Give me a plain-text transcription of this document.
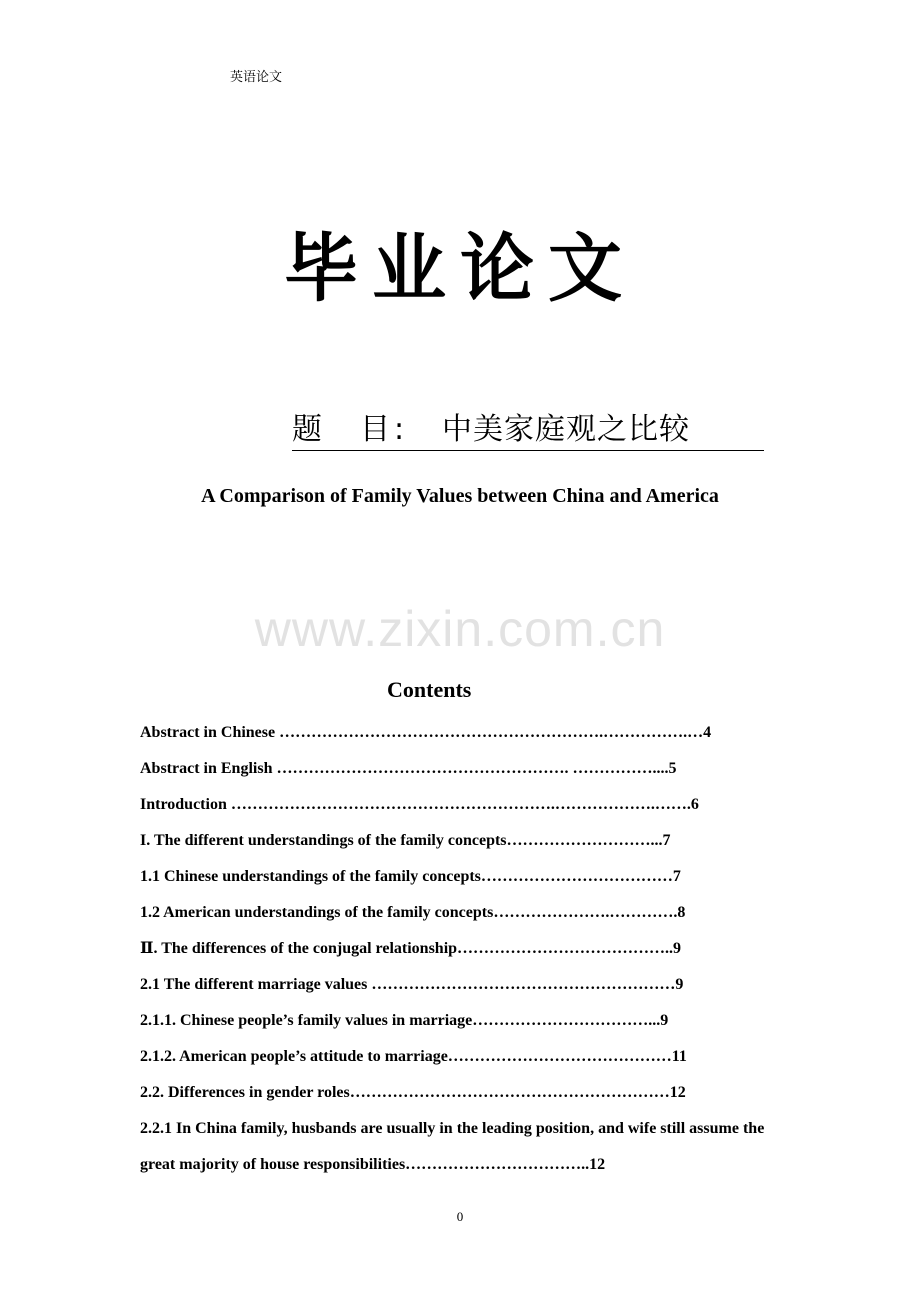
英语论文
毕业论文
题　目: 中美家庭观之比较
A Comparison of Family Values between China and America
www.zixin.com.cn
Contents
Abstract in Chinese …………………………………………………….…………….…4
Abstract in English ………………………………………………. ……………....5
Introduction …………………………………………………….……………….…….6
I. The different understandings of the family concepts………………………...7
1.1 Chinese understandings of the family concepts………………………………7
1.2 American understandings of the family concepts………………….………….8
Ⅱ. The differences of the conjugal relationship…………………………………..9
2.1 The different marriage values …………………………………………………9
2.1.1. Chinese people’s family values in marriage……………………………...9
2.1.2. American people’s attitude to marriage……………………………………11
2.2. Differences in gender roles……………………………………………………12
2.2.1 In China family, husbands are usually in the leading position, and wife still assume the great majority of house responsibilities……………………………..12
0
